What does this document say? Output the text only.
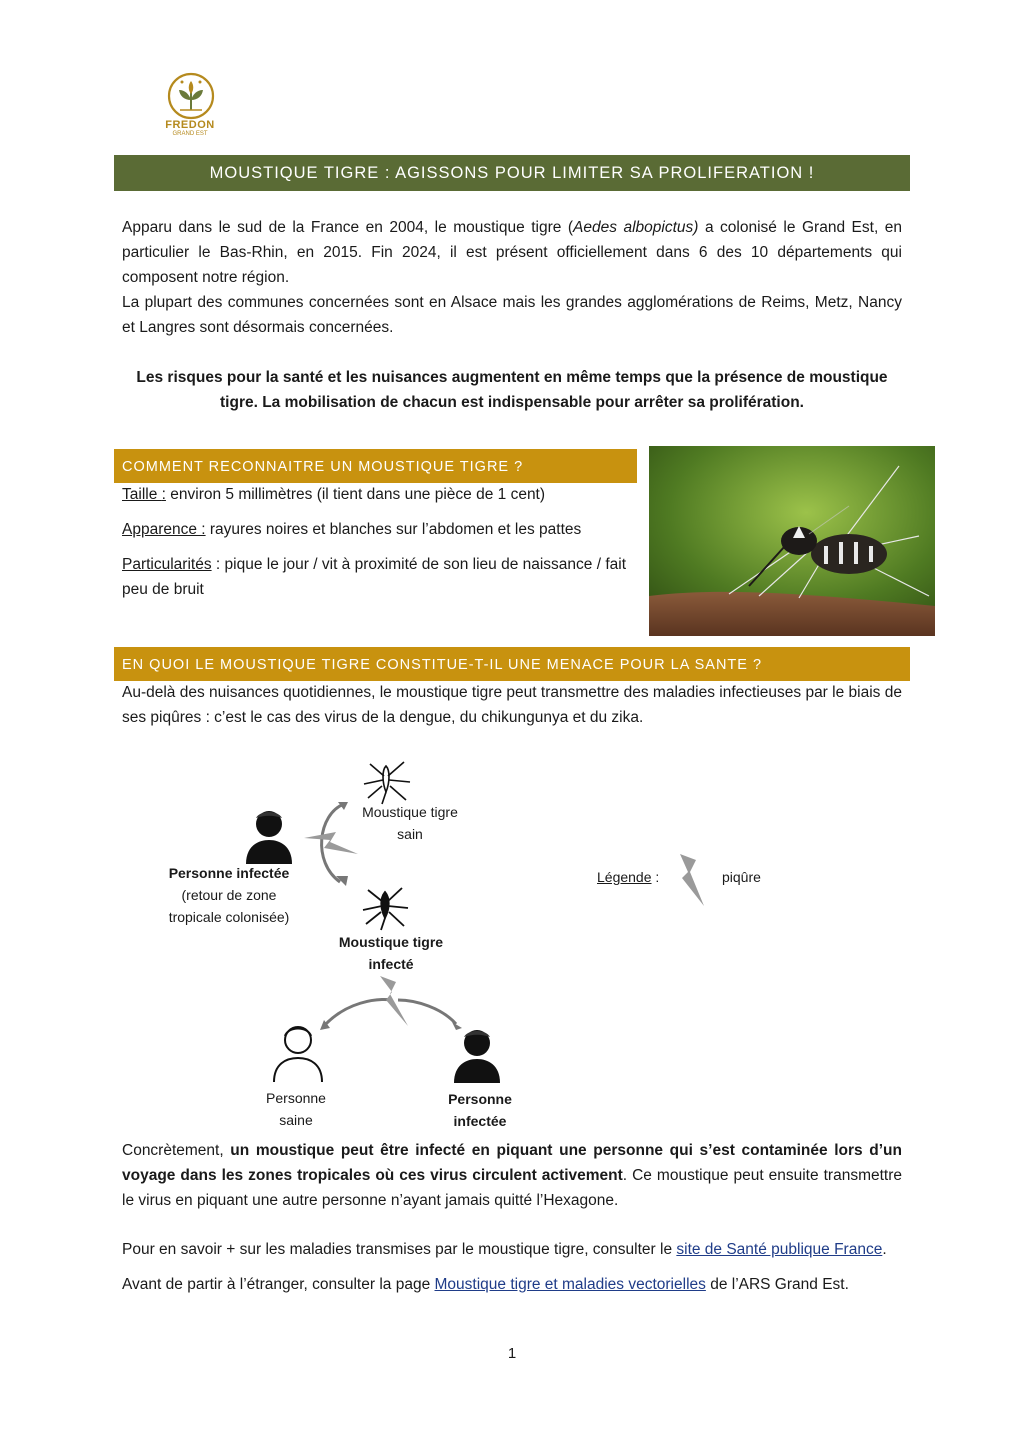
FREDON
GRAND EST
MOUSTIQUE TIGRE : AGISSONS POUR LIMITER SA PROLIFERATION !
Apparu dans le sud de la France en 2004, le moustique tigre (Aedes albopictus) a colonisé le Grand Est, en particulier le Bas-Rhin, en 2015. Fin 2024, il est présent officiellement dans 6 des 10 départements qui composent notre région.
La plupart des communes concernées sont en Alsace mais les grandes agglomérations de Reims, Metz, Nancy et Langres sont désormais concernées.
Les risques pour la santé et les nuisances augmentent en même temps que la présence de moustique tigre. La mobilisation de chacun est indispensable pour arrêter sa prolifération.
COMMENT RECONNAITRE UN MOUSTIQUE TIGRE ?
Taille : environ 5 millimètres (il tient dans une pièce de 1 cent)
Apparence : rayures noires et blanches sur l’abdomen et les pattes
Particularités : pique le jour / vit à proximité de son lieu de naissance / fait peu de bruit
EN QUOI LE MOUSTIQUE TIGRE CONSTITUE-T-IL UNE MENACE POUR LA SANTE ?
Au-delà des nuisances quotidiennes, le moustique tigre peut transmettre des maladies infectieuses par le biais de ses piqûres : c’est le cas des virus de la dengue, du chikungunya et du zika.
Moustique tigre
sain
Personne infectée
(retour de zone
tropicale colonisée)
Moustique tigre
infecté
Personne
saine
Personne
infectée
Légende :	piqûre
Concrètement, un moustique peut être infecté en piquant une personne qui s’est contaminée lors d’un voyage dans les zones tropicales où ces virus circulent activement. Ce moustique peut ensuite transmettre le virus en piquant une autre personne n’ayant jamais quitté l’Hexagone.
Pour en savoir + sur les maladies transmises par le moustique tigre, consulter le site de Santé publique France.
Avant de partir à l’étranger, consulter la page Moustique tigre et maladies vectorielles de l’ARS Grand Est.
1
